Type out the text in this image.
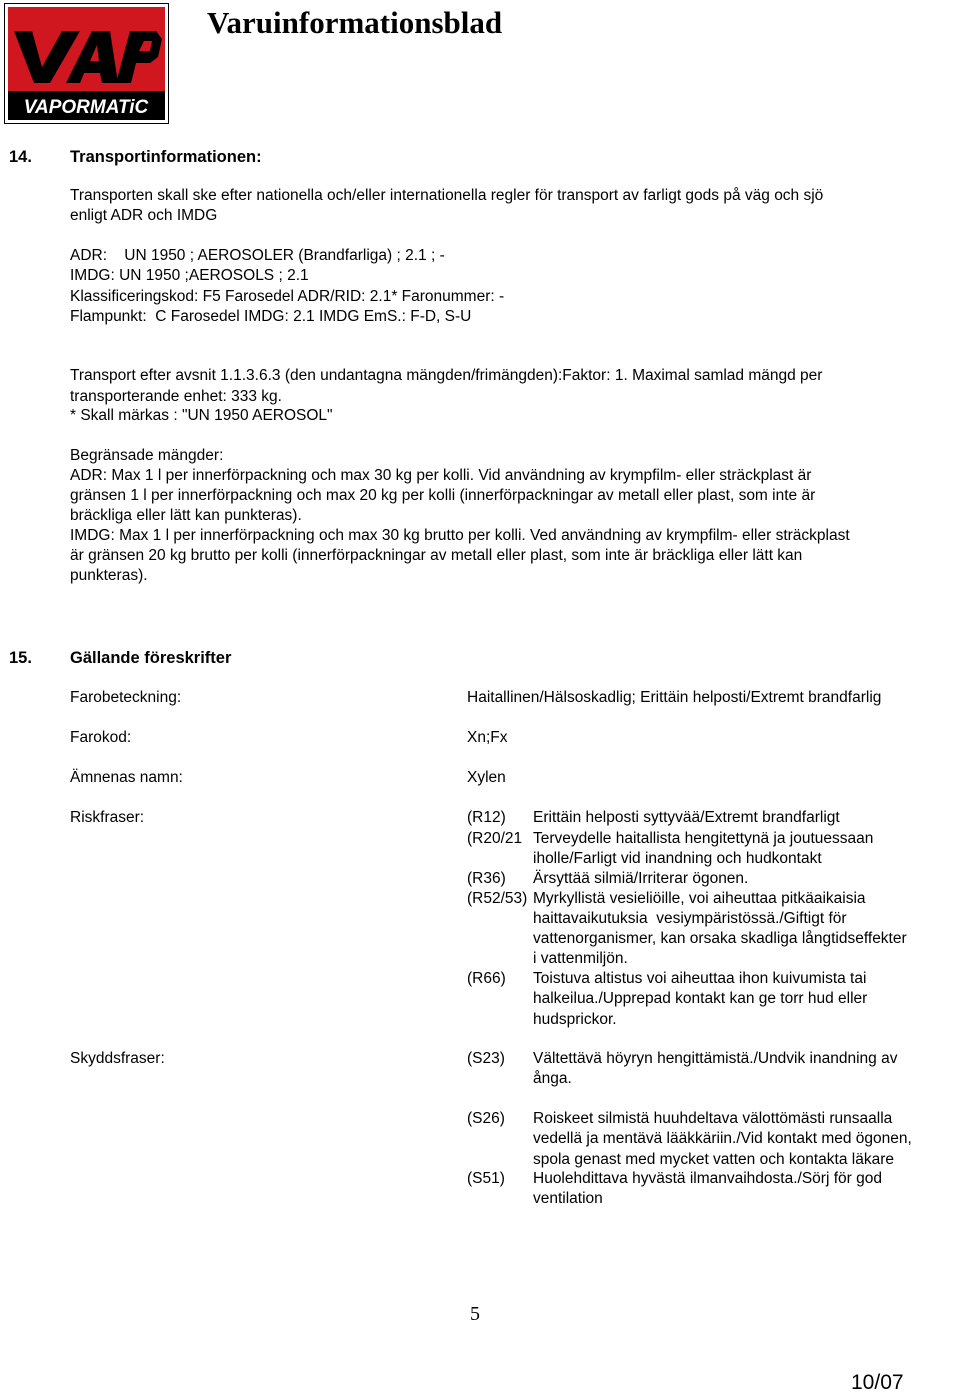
VAPORMATiC
Varuinformationsblad
14. Transportinformationen:
Transporten skall ske efter nationella och/eller internationella regler för transport av farligt gods på väg och sjö
enligt ADR och IMDG
ADR:    UN 1950 ; AEROSOLER (Brandfarliga) ; 2.1 ; -
IMDG: UN 1950 ;AEROSOLS ; 2.1
Klassificeringskod: F5 Farosedel ADR/RID: 2.1* Faronummer: -
Flampunkt:  C Farosedel IMDG: 2.1 IMDG EmS.: F-D, S-U
Transport efter avsnit 1.1.3.6.3 (den undantagna mängden/frimängden):Faktor: 1. Maximal samlad mängd per
transporterande enhet: 333 kg.
* Skall märkas : "UN 1950 AEROSOL"
Begränsade mängder:
ADR: Max 1 l per innerförpackning och max 30 kg per kolli. Vid användning av krympfilm- eller sträckplast är
gränsen 1 l per innerförpackning och max 20 kg per kolli (innerförpackningar av metall eller plast, som inte är
bräckliga eller lätt kan punkteras).
IMDG: Max 1 l per innerförpackning och max 30 kg brutto per kolli. Ved användning av krympfilm- eller sträckplast
är gränsen 20 kg brutto per kolli (innerförpackningar av metall eller plast, som inte är bräckliga eller lätt kan
punkteras).
15. Gällande föreskrifter
Farobeteckning:	Haitallinen/Hälsoskadlig; Erittäin helposti/Extremt brandfarlig
Farokod:	Xn;Fx
Ämnenas namn:	Xylen
Riskfraser:	(R12) Erittäin helposti syttyvää/Extremt brandfarligt
(R20/21 Terveydelle haitallista hengitettynä ja joutuessaan
iholle/Farligt vid inandning och hudkontakt
(R36) Ärsyttää silmiä/Irriterar ögonen.
(R52/53) Myrkyllistä vesieliöille, voi aiheuttaa pitkäaikaisia
haittavaikutuksia  vesiympäristössä./Giftigt för
vattenorganismer, kan orsaka skadliga långtidseffekter
i vattenmiljön.
(R66) Toistuva altistus voi aiheuttaa ihon kuivumista tai
halkeilua./Upprepad kontakt kan ge torr hud eller
hudsprickor.
Skyddsfraser:	(S23) Vältettävä höyryn hengittämistä./Undvik inandning av
ånga.
(S26) Roiskeet silmistä huuhdeltava välottömästi runsaalla
vedellä ja mentävä lääkkäriin./Vid kontakt med ögonen,
spola genast med mycket vatten och kontakta läkare
(S51) Huolehdittava hyvästä ilmanvaihdosta./Sörj för god
ventilation
5
10/07
